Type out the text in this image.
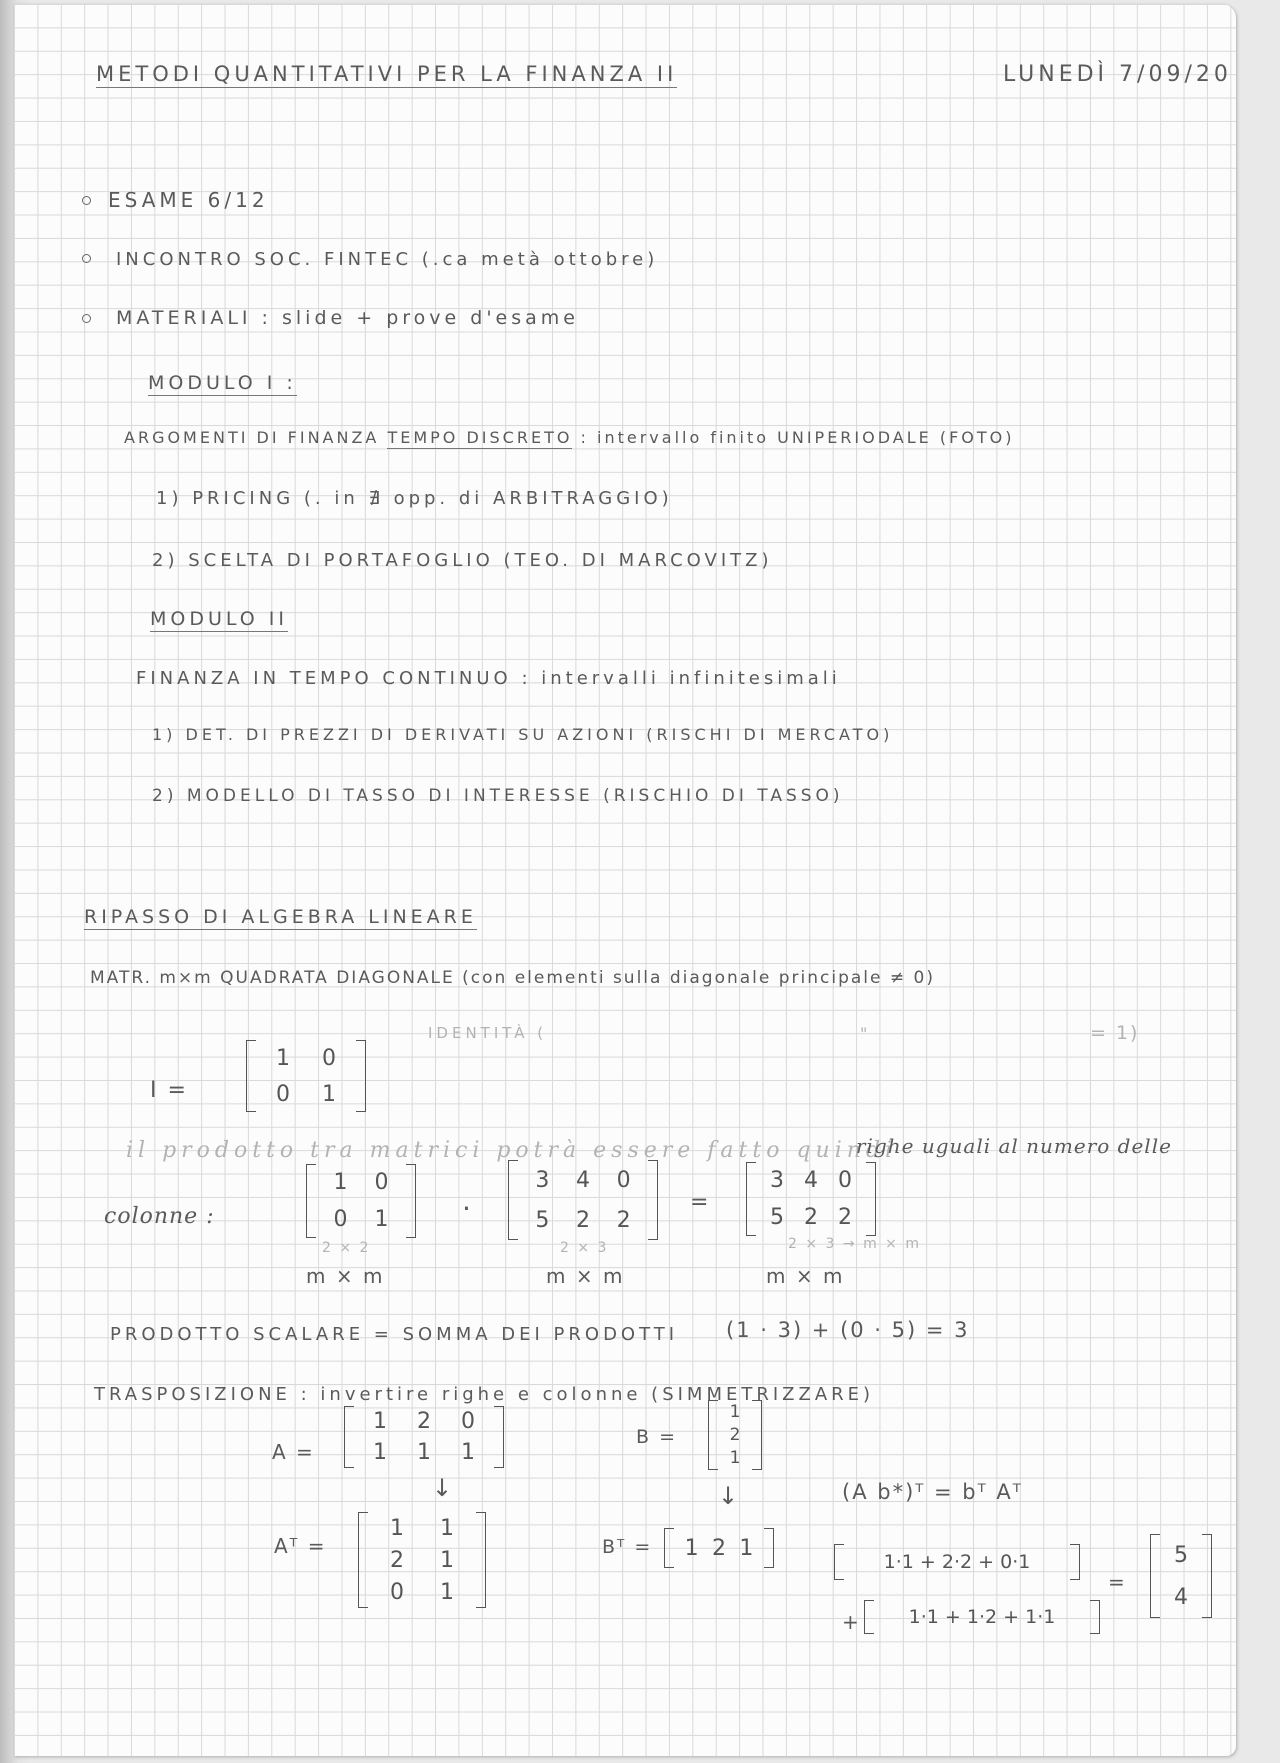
METODI QUANTITATIVI PER LA FINANZA II	LUNEDÌ 7/09/20
ESAME 6/12
INCONTRO SOC. FINTEC (.ca metà ottobre)
MATERIALI : slide + prove d'esame
MODULO I :
ARGOMENTI DI FINANZA TEMPO DISCRETO : intervallo finito UNIPERIODALE (FOTO)
1) PRICING (. in ∄ opp. di ARBITRAGGIO)
2) SCELTA DI PORTAFOGLIO (TEO. DI MARCOVITZ)
MODULO II
FINANZA IN TEMPO CONTINUO : intervalli infinitesimali
1) DET. DI PREZZI DI DERIVATI SU AZIONI (RISCHI DI MERCATO)
2) MODELLO DI TASSO DI INTERESSE (RISCHIO DI TASSO)
RIPASSO DI ALGEBRA LINEARE
MATR. m×m QUADRATA DIAGONALE (con elementi sulla diagonale principale ≠ 0)
IDENTITÀ (	"	= 1)
I =
1 0
0 1
il prodotto tra matrici potrà essere fatto quindi
righe uguali al numero delle
colonne :
1 0
0 1	·
3 4 0
5 2 2
=
3 4 0
5 2 2
2 × 2	2 × 3	2 × 3 → m × m
m × m	m × m	m × m
PRODOTTO SCALARE = SOMMA DEI PRODOTTI (1 · 3) + (0 · 5) = 3
TRASPOSIZIONE : invertire righe e colonne (SIMMETRIZZARE)
A =
1 2 0
1 1 1
B =
1
2
1
↓	↓
Aᵀ =
1 1
2 1
0 1
Bᵀ = 1 2 1
(A b*)ᵀ = bᵀ Aᵀ
1·1 + 2·2 + 0·1
+	1·1 + 1·2 + 1·1
=
5
4
